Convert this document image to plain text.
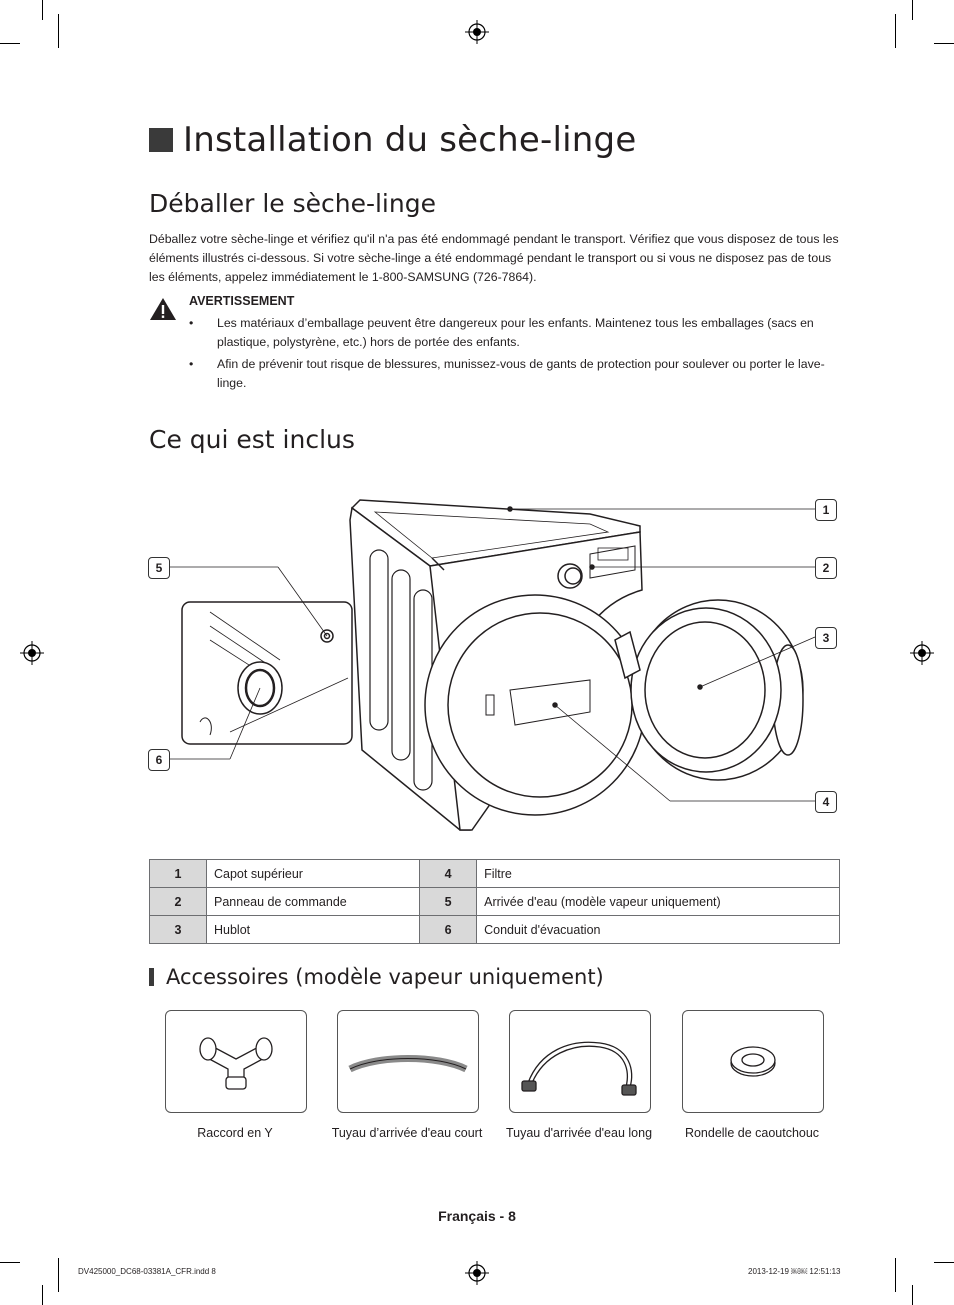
Installation du sèche-linge
Déballer le sèche-linge
Déballez votre sèche-linge et vérifiez qu'il n'a pas été endommagé pendant le transport. Vérifiez que vous disposez de tous les éléments illustrés ci-dessous. Si votre sèche-linge a été endommagé pendant le transport ou si vous ne disposez pas de tous les éléments, appelez immédiatement le 1-800-SAMSUNG (726-7864).
AVERTISSEMENT
• Les matériaux d’emballage peuvent être dangereux pour les enfants. Maintenez tous les emballages (sacs en plastique, polystyrène, etc.) hors de portée des enfants.
• Afin de prévenir tout risque de blessures, munissez-vous de gants de protection pour soulever ou porter le lave-linge.
Ce qui est inclus
1
2
3
4
5
6
1	Capot supérieur	4	Filtre
2	Panneau de commande	5	Arrivée d'eau (modèle vapeur uniquement)
3	Hublot	6	Conduit d'évacuation
Accessoires (modèle vapeur uniquement)
Raccord en Y	Tuyau d’arrivée d'eau court	Tuyau d'arrivée d'eau long	Rondelle de caoutchouc
Français - 8
DV425000_DC68-03381A_CFR.indd 8	2013-12-19 ￼￼ 12:51:13
